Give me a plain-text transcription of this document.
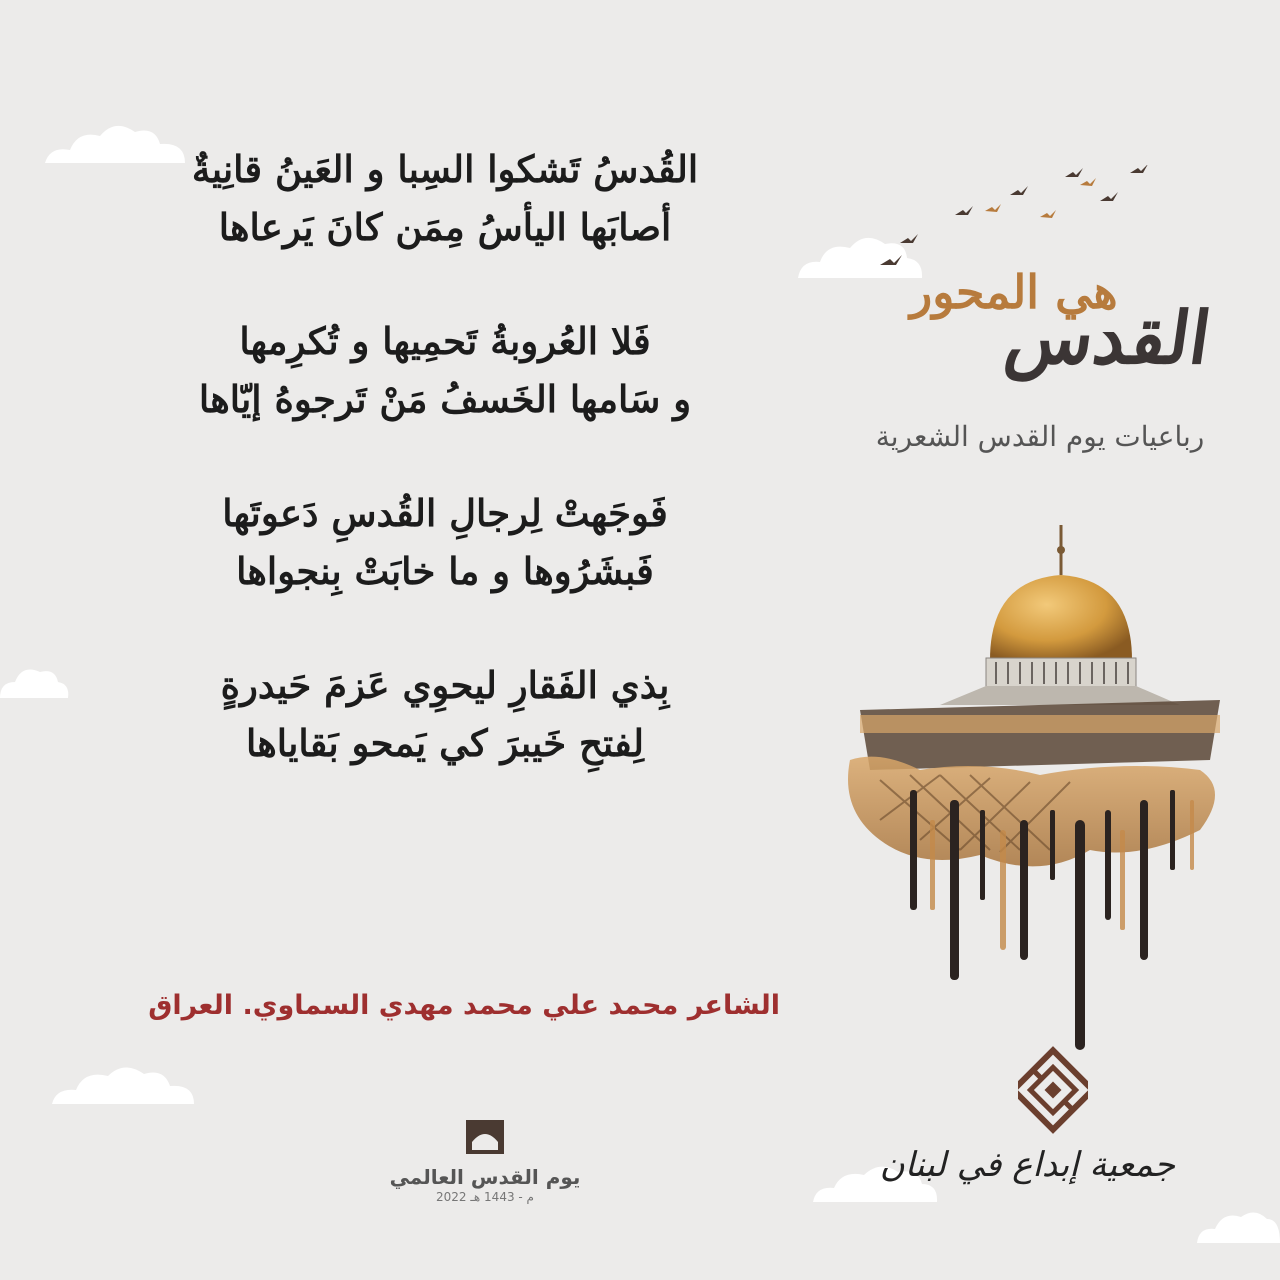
القُدسُ تَشكوا السِبا و العَينُ قانِيةٌ
أصابَها اليأسُ مِمَن كانَ يَرعاها
فَلا العُروبةُ تَحمِيها و تُكرِمها
و سَامها الخَسفُ مَنْ تَرجوهُ إيّاها
فَوجَهتْ لِرجالِ القُدسِ دَعوتَها
فَبشَرُوها و ما خابَتْ بِنجواها
بِذي الفَقارِ ليحوِي عَزمَ حَيدرةٍ
لِفتحِ خَيبرَ كي يَمحو بَقاياها
الشاعر محمد علي محمد مهدي السماوي. العراق
يوم القدس العالمي
2022 م - 1443 هـ
هي المحور
القدس
رباعيات يوم القدس الشعرية
جمعية إبداع في لبنان
